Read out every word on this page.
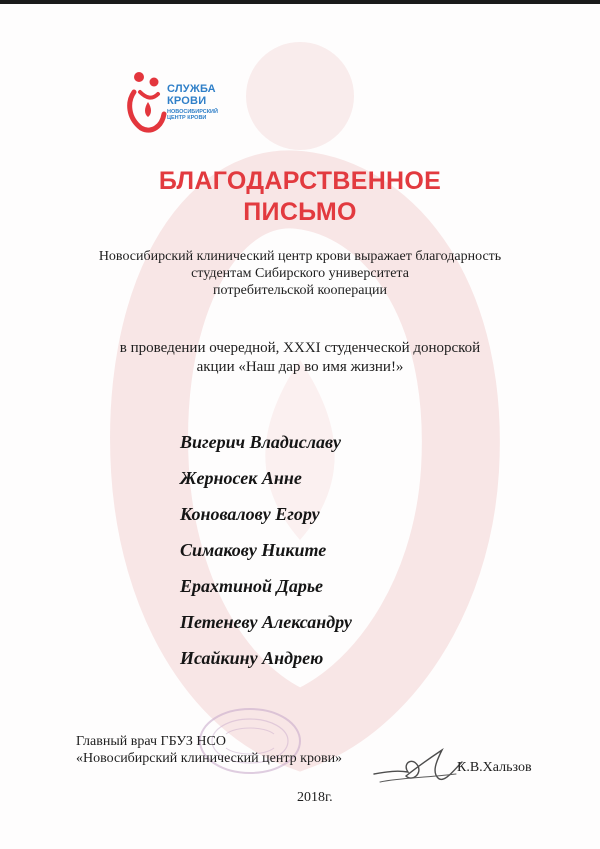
СЛУЖБА
КРОВИ
НОВОСИБИРСКИЙ ЦЕНТР КРОВИ
БЛАГОДАРСТВЕННОЕ
ПИСЬМО
Новосибирский клинический центр крови выражает благодарность
студентам Сибирского университета
потребительской кооперации
в проведении очередной, XXXI студенческой донорской
акции «Наш дар во имя жизни!»
Вигерич Владиславу
Жерносек Анне
Коновалову Егору
Симакову Никите
Ерахтиной Дарье
Петеневу Александру
Исайкину Андрею
Главный врач ГБУЗ НСО
«Новосибирский клинический центр крови»
К.В.Хальзов
2018г.
